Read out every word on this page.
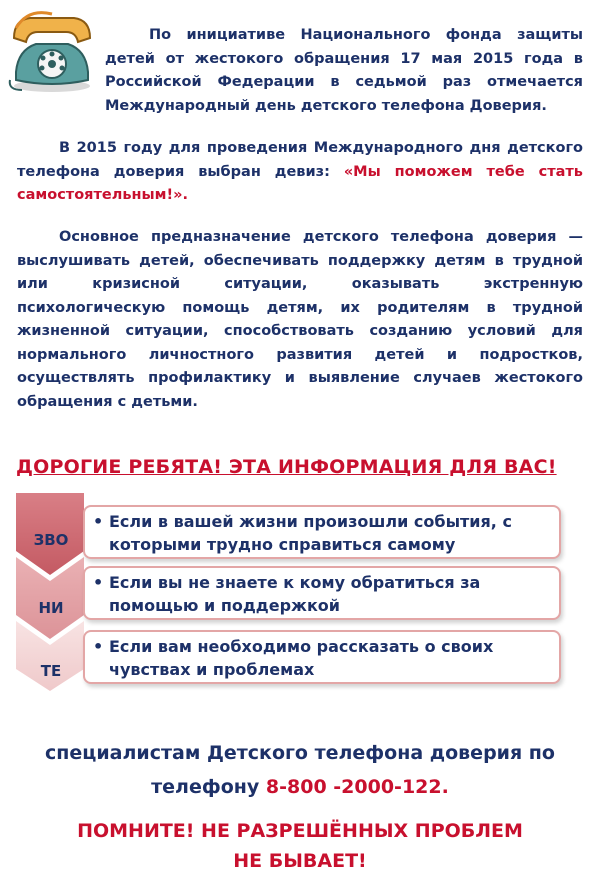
По инициативе Национального фонда защиты
детей от жестокого обращения 17 мая 2015 года в
Российской Федерации в седьмой раз отмечается
Международный день детского телефона Доверия.
В 2015 году для проведения Международного дня детского
телефона доверия выбран девиз: «Мы поможем тебе стать
самостоятельным!».
Основное предназначение детского телефона доверия —
выслушивать детей, обеспечивать поддержку детям в трудной
или кризисной ситуации, оказывать экстренную
психологическую помощь детям, их родителям в трудной
жизненной ситуации, способствовать созданию условий для
нормального личностного развития детей и подростков,
осуществлять профилактику и выявление случаев жестокого
обращения с детьми.
ДОРОГИЕ РЕБЯТА! ЭТА ИНФОРМАЦИЯ ДЛЯ ВАС!
ЗВО
НИ
ТЕ
• Если в вашей жизни произошли события, с
которыми трудно справиться самому
• Если вы не знаете к кому обратиться за
помощью и поддержкой
• Если вам необходимо рассказать о своих
чувствах и проблемах
специалистам Детского телефона доверия по
телефону 8-800 -2000-122.
ПОМНИТЕ! НЕ РАЗРЕШЁННЫХ ПРОБЛЕМ
НЕ БЫВАЕТ!
